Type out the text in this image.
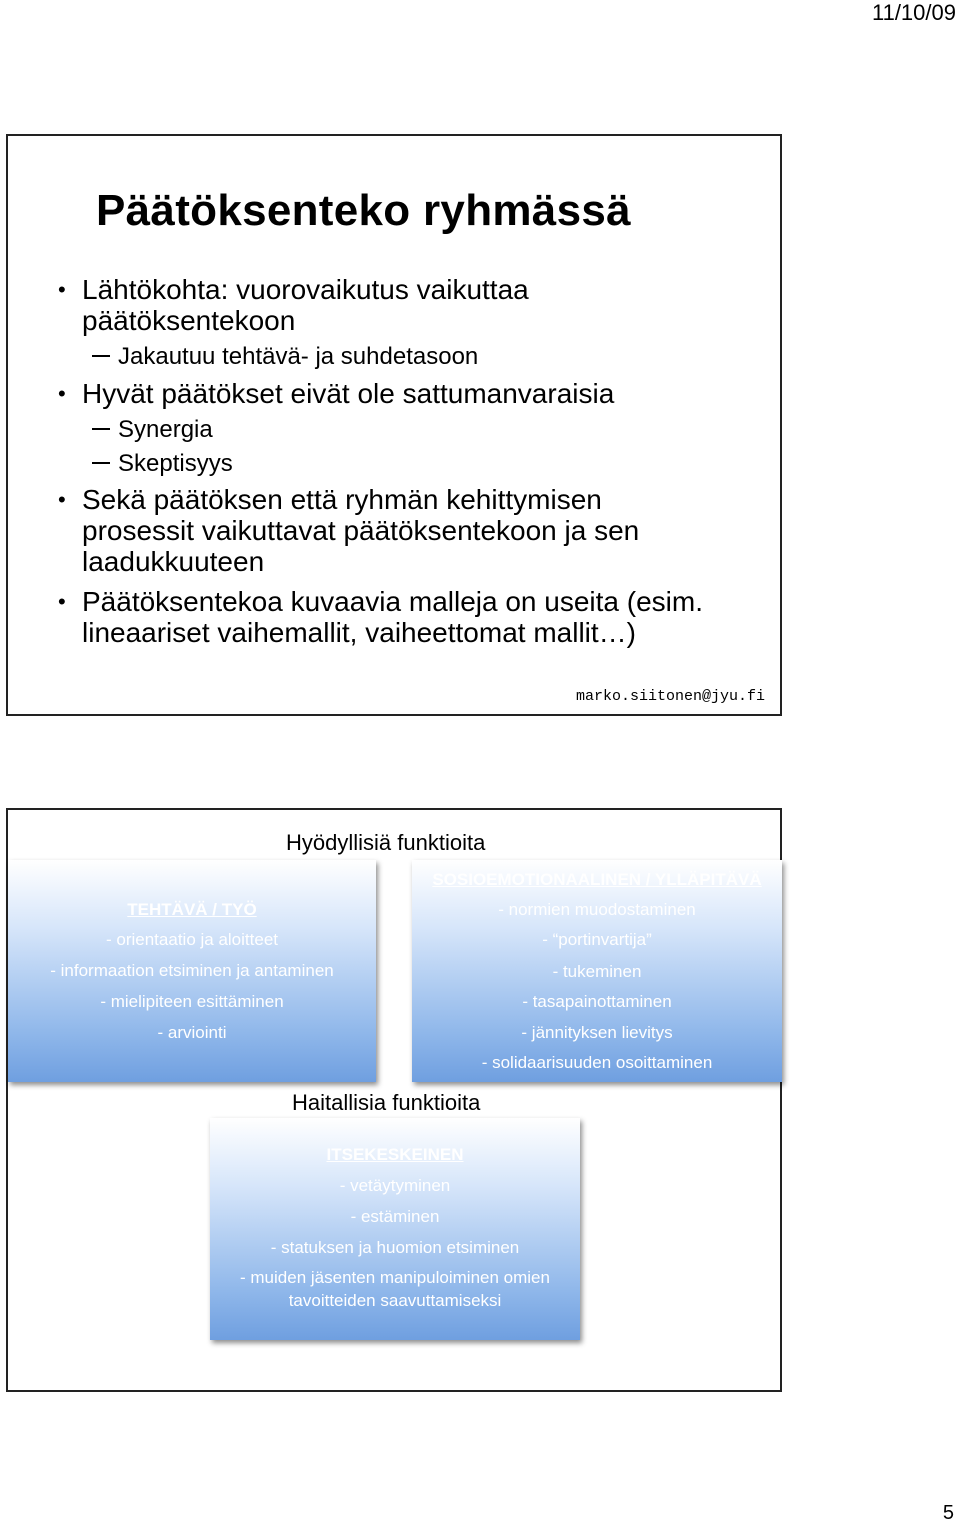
11/10/09
Päätöksenteko ryhmässä
• Lähtökohta: vuorovaikutus vaikuttaa
päätöksentekoon
Jakautuu tehtävä- ja suhdetasoon
• Hyvät päätökset eivät ole sattumanvaraisia
Synergia
Skeptisyys
• Sekä päätöksen että ryhmän kehittymisen
prosessit vaikuttavat päätöksentekoon ja sen
laadukkuuteen
• Päätöksentekoa kuvaavia malleja on useita (esim.
lineaariset vaihemallit, vaiheettomat mallit…)
marko.siitonen@jyu.fi
Hyödyllisiä funktioita
TEHTÄVÄ / TYÖ
- orientaatio ja aloitteet
- informaation etsiminen ja antaminen
- mielipiteen esittäminen
- arviointi
SOSIOEMOTIONAALINEN / YLLÄPITÄVÄ
- normien muodostaminen
- “portinvartija”
- tukeminen
- tasapainottaminen
- jännityksen lievitys
- solidaarisuuden osoittaminen
Haitallisia funktioita
ITSEKESKEINEN
- vetäytyminen
- estäminen
- statuksen ja huomion etsiminen
- muiden jäsenten manipuloiminen omien
tavoitteiden saavuttamiseksi
5
